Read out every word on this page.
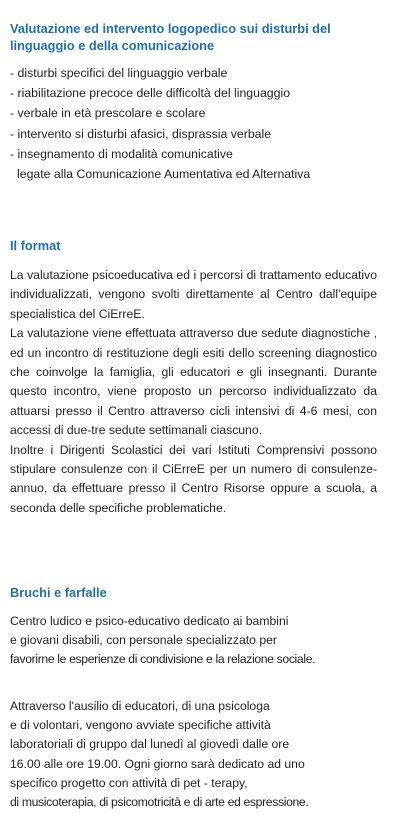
Valutazione ed intervento logopedico sui disturbi del
linguaggio e della comunicazione
- disturbi specifici del linguaggio verbale
- riabilitazione precoce delle difficoltà del linguaggio
- verbale in età prescolare e scolare
- intervento si disturbi afasici, disprassia verbale
- insegnamento di modalità comunicative
legate alla Comunicazione Aumentativa ed Alternativa
Il format

La valutazione psicoeducativa ed i percorsi di trattamento educativo individualizzati, vengono svolti direttamente al Centro dall'equipe specialistica del CiErreE.

La valutazione viene effettuata attraverso due sedute diagnostiche , ed un incontro di restituzione degli esiti dello screening diagnostico che coinvolge la famiglia, gli educatori e gli insegnanti. Durante questo incontro, viene proposto un percorso individualizzato da attuarsi presso il Centro attraverso cicli intensivi di 4-6 mesi, con accessi di due-tre sedute settimanali ciascuno.

Inoltre i Dirigenti Scolastici dei vari Istituti Comprensivi possono stipulare consulenze con il CiErreE per un numero di consulenze-annuo, da effettuare presso il Centro Risorse oppure a scuola, a seconda delle specifiche problematiche.

Bruchi e farfalle

Centro ludico e psico-educativo dedicato ai bambini
e giovani disabili, con personale specializzato per
favorirne le esperienze di condivisione e la relazione sociale.

Attraverso l'ausilio di educatori, di una psicologa
e di volontari, vengono avviate specifiche attività
laboratoriali di gruppo dal lunedì al giovedì dalle ore
16.00 alle ore 19.00. Ogni giorno sarà dedicato ad uno
specifico progetto con attività di pet - terapy,
di musicoterapia, di psicomotricità e di arte ed espressione.
